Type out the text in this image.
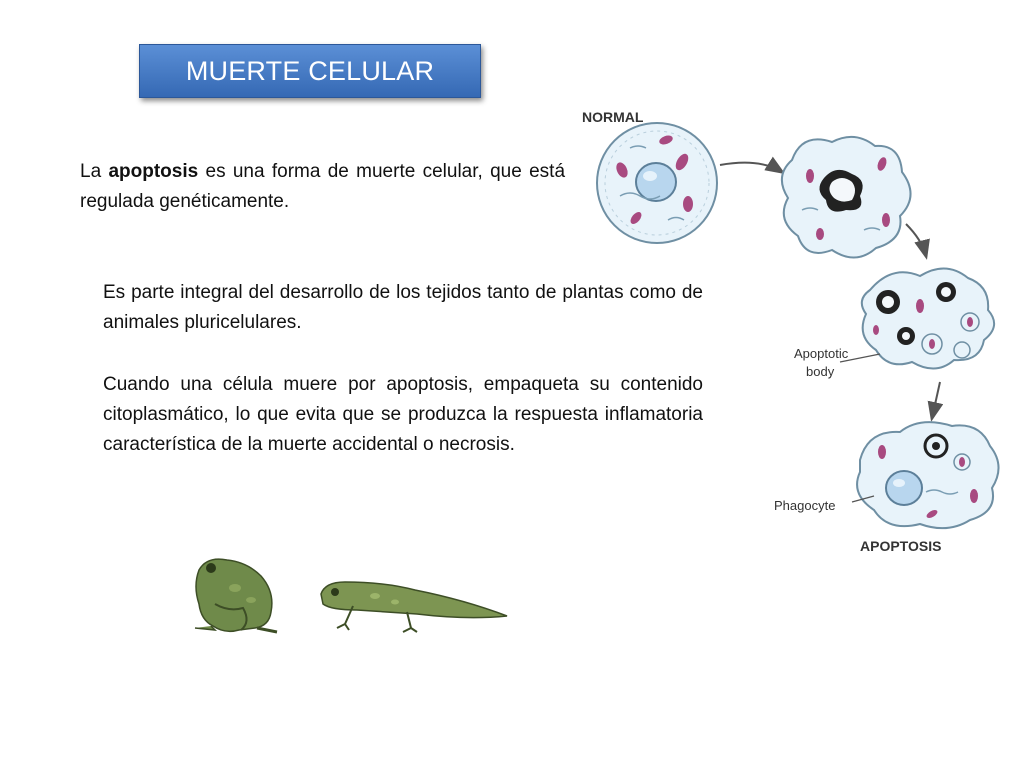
MUERTE CELULAR

La apoptosis es una forma de muerte celular, que está regulada genéticamente.

Es parte integral del desarrollo de los tejidos tanto de plantas como de animales pluricelulares.

Cuando una célula muere por apoptosis, empaqueta su contenido citoplasmático, lo que evita que se produzca la respuesta inflamatoria característica de la muerte accidental o necrosis.

NORMAL
Apoptotic
body
Phagocyte
APOPTOSIS
